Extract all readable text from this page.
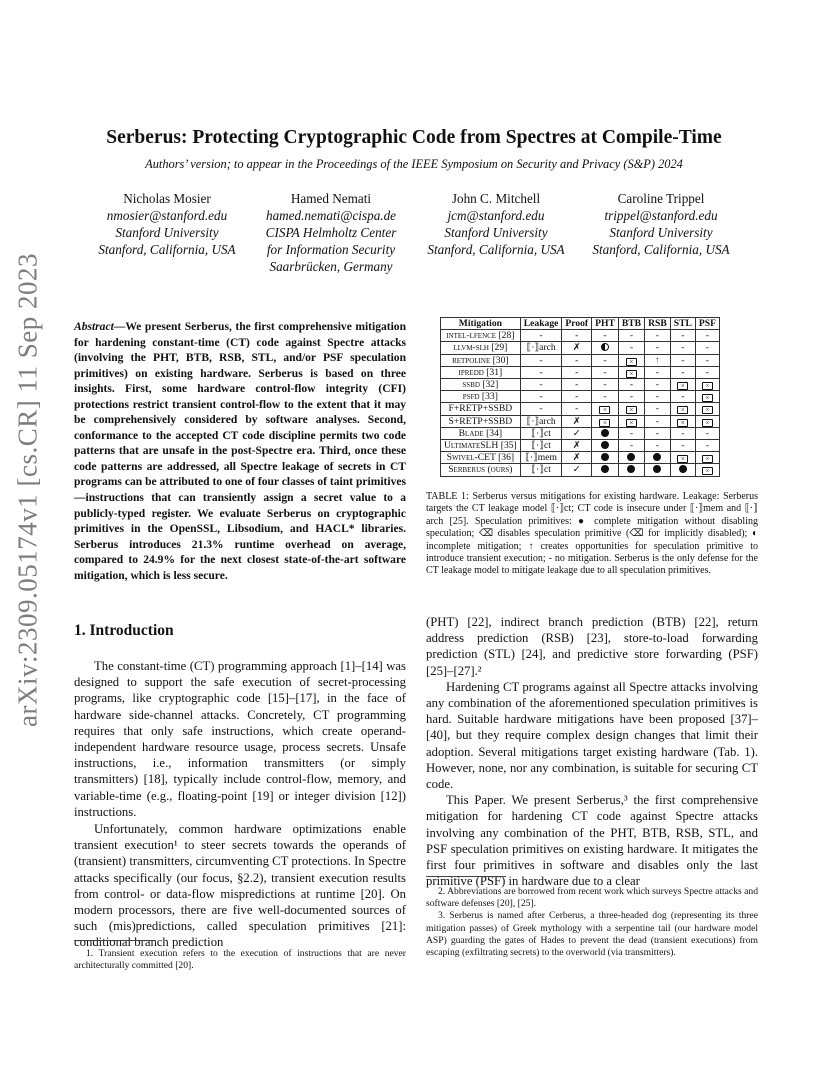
arXiv:2309.05174v1 [cs.CR] 11 Sep 2023
Serberus: Protecting Cryptographic Code from Spectres at Compile-Time
Authors’ version; to appear in the Proceedings of the IEEE Symposium on Security and Privacy (S&P) 2024
Nicholas Mosier
nmosier@stanford.edu
Stanford University
Stanford, California, USA
Hamed Nemati
hamed.nemati@cispa.de
CISPA Helmholtz Center
for Information Security
Saarbrücken, Germany
John C. Mitchell
jcm@stanford.edu
Stanford University
Stanford, California, USA
Caroline Trippel
trippel@stanford.edu
Stanford University
Stanford, California, USA
Abstract—We present Serberus, the first comprehensive mitigation for hardening constant-time (CT) code against Spectre attacks (involving the PHT, BTB, RSB, STL, and/or PSF speculation primitives) on existing hardware. Serberus is based on three insights. First, some hardware control-flow integrity (CFI) protections restrict transient control-flow to the extent that it may be comprehensively considered by software analyses. Second, conformance to the accepted CT code discipline permits two code patterns that are unsafe in the post-Spectre era. Third, once these code patterns are addressed, all Spectre leakage of secrets in CT programs can be attributed to one of four classes of taint primitives—instructions that can transiently assign a secret value to a publicly-typed register. We evaluate Serberus on cryptographic primitives in the OpenSSL, Libsodium, and HACL* libraries. Serberus introduces 21.3% runtime overhead on average, compared to 24.9% for the next closest state-of-the-art software mitigation, which is less secure.
1. Introduction

The constant-time (CT) programming approach [1]–[14] was designed to support the safe execution of secret-processing programs, like cryptographic code [15]–[17], in the face of hardware side-channel attacks. Concretely, CT programming requires that only safe instructions, which create operand-independent hardware resource usage, process secrets. Unsafe instructions, i.e., information transmitters (or simply transmitters) [18], typically include control-flow, memory, and variable-time (e.g., floating-point [19] or integer division [12]) instructions.

Unfortunately, common hardware optimizations enable transient execution¹ to steer secrets towards the operands of (transient) transmitters, circumventing CT protections. In Spectre attacks specifically (our focus, §2.2), transient execution results from control- or data-flow mispredictions at runtime [20]. On modern processors, there are five well-documented sources of such (mis)predictions, called speculation primitives [21]: conditional branch prediction

1. Transient execution refers to the execution of instructions that are never architecturally committed [20].

Mitigation	Leakage	Proof	PHT	BTB	RSB	STL	PSF
intel-lfence [28]	-	-	-	-	-	-	-
llvm-slh [29]	⟦·⟧arch	✗		-	-	-	-
retpoline [30]	-	-	-	×	↑	-	-
ipredd [31]	-	-	-	×	-	-	-
ssbd [32]	-	-	-	-	-	×	×
psfd [33]	-	-	-	-	-	-	×
F+RETP+SSBD	-	-	×	×	-	×	×
S+RETP+SSBD	⟦·⟧arch	✗	×	×	-	×	×
Blade [34]	⟦·⟧ct	✓		-	-	-	-
UltimateSLH [35]	⟦·⟧ct	✗		-	-	-	-
Swivel-CET [36]	⟦·⟧mem	✗				×	×
Serberus (ours)	⟦·⟧ct	✓					×
TABLE 1: Serberus versus mitigations for existing hardware. Leakage: Serberus targets the CT leakage model ⟦·⟧ct; CT code is insecure under ⟦·⟧mem and ⟦·⟧arch [25]. Speculation primitives: ● complete mitigation without disabling speculation; ⌫ disables speculation primitive (⌫ for implicitly disabled); ◐ incomplete mitigation; ↑ creates opportunities for speculation primitive to introduce transient execution; - no mitigation. Serberus is the only defense for the CT leakage model to mitigate leakage due to all speculation primitives.

(PHT) [22], indirect branch prediction (BTB) [22], return address prediction (RSB) [23], store-to-load forwarding prediction (STL) [24], and predictive store forwarding (PSF) [25]–[27].²

Hardening CT programs against all Spectre attacks involving any combination of the aforementioned speculation primitives is hard. Suitable hardware mitigations have been proposed [37]–[40], but they require complex design changes that limit their adoption. Several mitigations target existing hardware (Tab. 1). However, none, nor any combination, is suitable for securing CT code.

This Paper. We present Serberus,³ the first comprehensive mitigation for hardening CT code against Spectre attacks involving any combination of the PHT, BTB, RSB, STL, and PSF speculation primitives on existing hardware. It mitigates the first four primitives in software and disables only the last primitive (PSF) in hardware due to a clear

2. Abbreviations are borrowed from recent work which surveys Spectre attacks and software defenses [20], [25].

3. Serberus is named after Cerberus, a three-headed dog (representing its three mitigation passes) of Greek mythology with a serpentine tail (our hardware model ASP) guarding the gates of Hades to prevent the dead (transient executions) from escaping (exfiltrating secrets) to the overworld (via transmitters).
